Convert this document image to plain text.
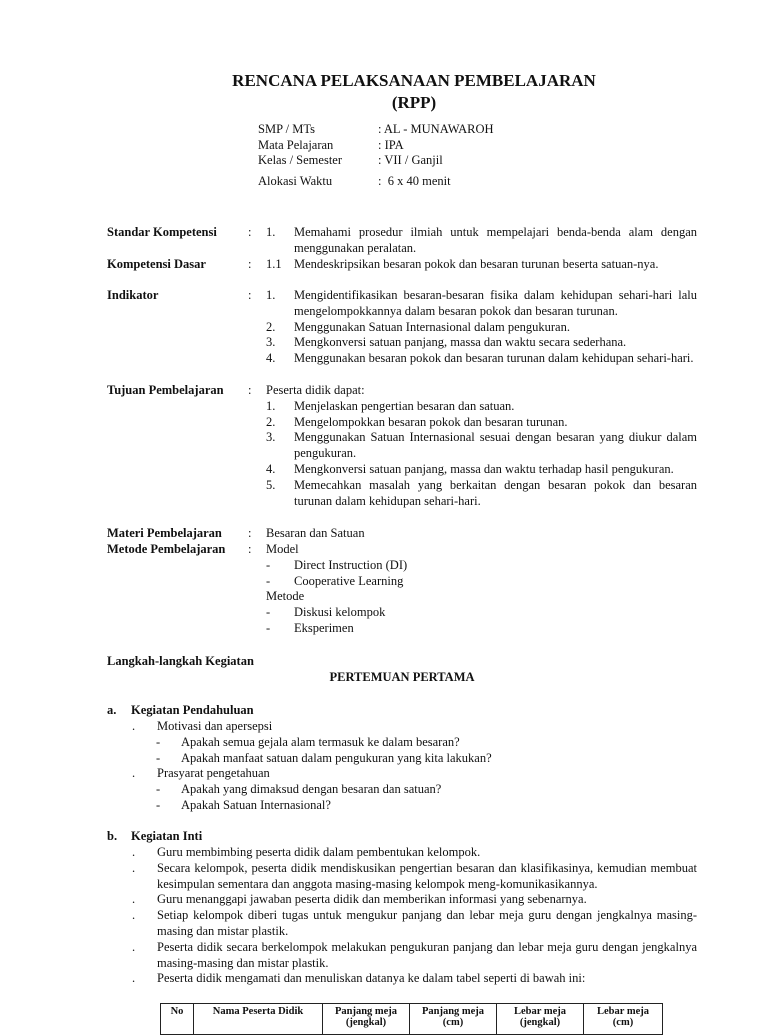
RENCANA PELAKSANAAN PEMBELAJARAN
(RPP)
SMP / MTs	: AL - MUNAWAROH
Mata Pelajaran	: IPA
Kelas / Semester	: VII / Ganjil
Alokasi Waktu	:  6 x 40 menit
Standar Kompetensi	: 1.	Memahami prosedur ilmiah untuk mempelajari benda-benda alam dengan menggunakan peralatan.
Kompetensi Dasar	: 1.1 Mendeskripsikan besaran pokok dan besaran turunan beserta satuan-nya.
Indikator	: 1.	Mengidentifikasikan besaran-besaran fisika dalam kehidupan sehari-hari lalu mengelompokkannya dalam besaran pokok dan besaran turunan.
2.	Menggunakan Satuan Internasional dalam pengukuran.
3.	Mengkonversi satuan panjang, massa dan waktu secara sederhana.
4.	Menggunakan besaran pokok dan besaran turunan dalam kehidupan sehari-hari.
Tujuan Pembelajaran	: Peserta didik dapat:
1.	Menjelaskan pengertian besaran dan satuan.
2.	Mengelompokkan besaran pokok dan besaran turunan.
3.	Menggunakan Satuan Internasional sesuai dengan besaran yang diukur dalam pengukuran.
4.	Mengkonversi satuan panjang, massa dan waktu terhadap hasil pengukuran.
5.	Memecahkan masalah yang berkaitan dengan besaran pokok dan besaran turunan dalam kehidupan sehari-hari.
Materi Pembelajaran	: Besaran dan Satuan
Metode Pembelajaran	: Model
-	Direct Instruction (DI)
-	Cooperative Learning
Metode
-	Diskusi kelompok
-	Eksperimen
Langkah-langkah Kegiatan
PERTEMUAN PERTAMA
a. Kegiatan Pendahuluan
.	Motivasi dan apersepsi
-	Apakah semua gejala alam termasuk ke dalam besaran?
-	Apakah manfaat satuan dalam pengukuran yang kita lakukan?
.	Prasyarat pengetahuan
-	Apakah yang dimaksud dengan besaran dan satuan?
-	Apakah Satuan Internasional?
b. Kegiatan Inti
.	Guru membimbing peserta didik dalam pembentukan kelompok.
.	Secara kelompok, peserta didik mendiskusikan pengertian besaran dan klasifikasinya, kemudian membuat kesimpulan sementara dan anggota masing-masing kelompok meng-komunikasikannya.
.	Guru menanggapi jawaban peserta didik dan memberikan informasi yang sebenarnya.
.	Setiap kelompok diberi tugas untuk mengukur panjang dan lebar meja guru dengan jengkalnya masing-masing dan mistar plastik.
.	Peserta didik secara berkelompok melakukan pengukuran panjang dan lebar meja guru dengan jengkalnya masing-masing dan mistar plastik.
.	Peserta didik mengamati dan menuliskan datanya ke dalam tabel seperti di bawah ini:
No	Nama Peserta Didik	Panjang meja (jengkal)	Panjang meja (cm)	Lebar meja (jengkal)	Lebar meja (cm)
